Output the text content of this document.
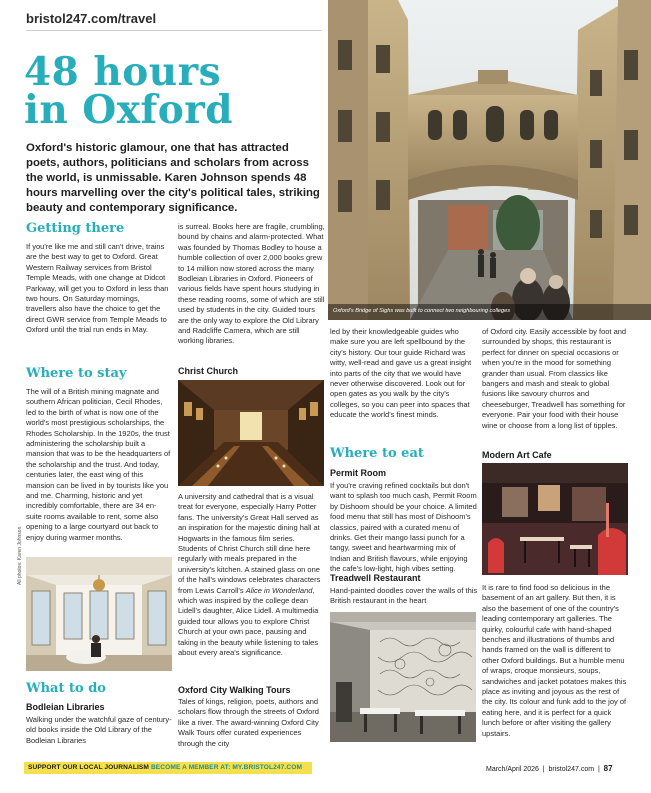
bristol247.com/travel
48 hours
in Oxford
Oxford's historic glamour, one that has attracted poets, authors, politicians and scholars from across the world, is unmissable. Karen Johnson spends 48 hours marvelling over the city's political tales, striking beauty and contemporary significance.
Oxford's Bridge of Sighs was built to connect two neighbouring colleges
Getting there
If you're like me and still can't drive, trains are the best way to get to Oxford. Great Western Railway services from Bristol Temple Meads, with one change at Didcot Parkway, will get you to Oxford in less than two hours. On Saturday mornings, travellers also have the choice to get the direct GWR service from Temple Meads to Oxford until the trial run ends in May.
Where to stay
The will of a British mining magnate and southern African politician, Cecil Rhodes, led to the birth of what is now one of the world's most prestigious scholarships, the Rhodes Scholarship. In the 1920s, the trust administering the scholarship built a mansion that was to be the headquarters of the scholarship and the trust. And today, centuries later, the east wing of this mansion can be lived in by tourists like you and me. Charming, historic and yet incredibly comfortable, there are 34 en-suite rooms available to rent, some also opening to a large courtyard out back to enjoy during warmer months.
All photos: Karen Johnson
What to do
Bodleian Libraries
Walking under the watchful gaze of century-old books inside the Old Library of the Bodleian Libraries
is surreal. Books here are fragile, crumbling, bound by chains and alarm-protected. What was founded by Thomas Bodley to house a humble collection of over 2,000 books grew to 14 million now stored across the many Bodleian Libraries in Oxford. Pioneers of various fields have spent hours studying in these reading rooms, some of which are still used by students in the city. Guided tours are the only way to explore the Old Library and Radcliffe Camera, which are still working libraries.
Christ Church
A university and cathedral that is a visual treat for everyone, especially Harry Potter fans. The university's Great Hall served as an inspiration for the majestic dining hall at Hogwarts in the famous film series. Students of Christ Church still dine here regularly with meals prepared in the university's kitchen. A stained glass on one of the hall's windows celebrates characters from Lewis Carroll's Alice in Wonderland, which was inspired by the college dean Lidell's daughter, Alice Lidell. A multimedia guided tour allows you to explore Christ Church at your own pace, pausing and taking in the beauty while listening to tales about every area's significance.
Oxford City Walking Tours
Tales of kings, religion, poets, authors and scholars flow through the streets of Oxford like a river. The award-winning Oxford City Walk Tours offer curated experiences through the city
led by their knowledgeable guides who make sure you are left spellbound by the city's history. Our tour guide Richard was witty, well-read and gave us a great insight into parts of the city that we would have never otherwise discovered. Look out for open gates as you walk by the city's colleges, so you can peer into spaces that educate the world's finest minds.
Where to eat
Permit Room
If you're craving refined cocktails but don't want to splash too much cash, Permit Room by Dishoom should be your choice. A limited food menu that still has most of Dishoom's classics, paired with a curated menu of drinks. Get their mango lassi punch for a tangy, sweet and heartwarming mix of Indian and British flavours, while enjoying the cafe's low-light, high vibes setting.
Treadwell Restaurant
Hand-painted doodles cover the walls of this British restaurant in the heart
of Oxford city. Easily accessible by foot and surrounded by shops, this restaurant is perfect for dinner on special occasions or when you're in the mood for something grander than usual. From classics like bangers and mash and steak to global fusions like savoury churros and cheeseburger, Treadwell has something for everyone. Pair your food with their house wine or choose from a long list of tipples.
Modern Art Cafe
It is rare to find food so delicious in the basement of an art gallery. But then, it is also the basement of one of the country's leading contemporary art galleries. The quirky, colourful cafe with hand-shaped benches and illustrations of thumbs and hands framed on the wall is different to other Oxford buildings. But a humble menu of wraps, croque monsieurs, soups, sandwiches and jacket potatoes makes this place as inviting and joyous as the rest of the city. Its colour and funk add to the joy of eating here, and it is perfect for a quick lunch before or after visiting the gallery upstairs.
SUPPORT OUR LOCAL JOURNALISM BECOME A MEMBER AT: MY.BRISTOL247.COM	March/April 2026  |  bristol247.com  |  87
